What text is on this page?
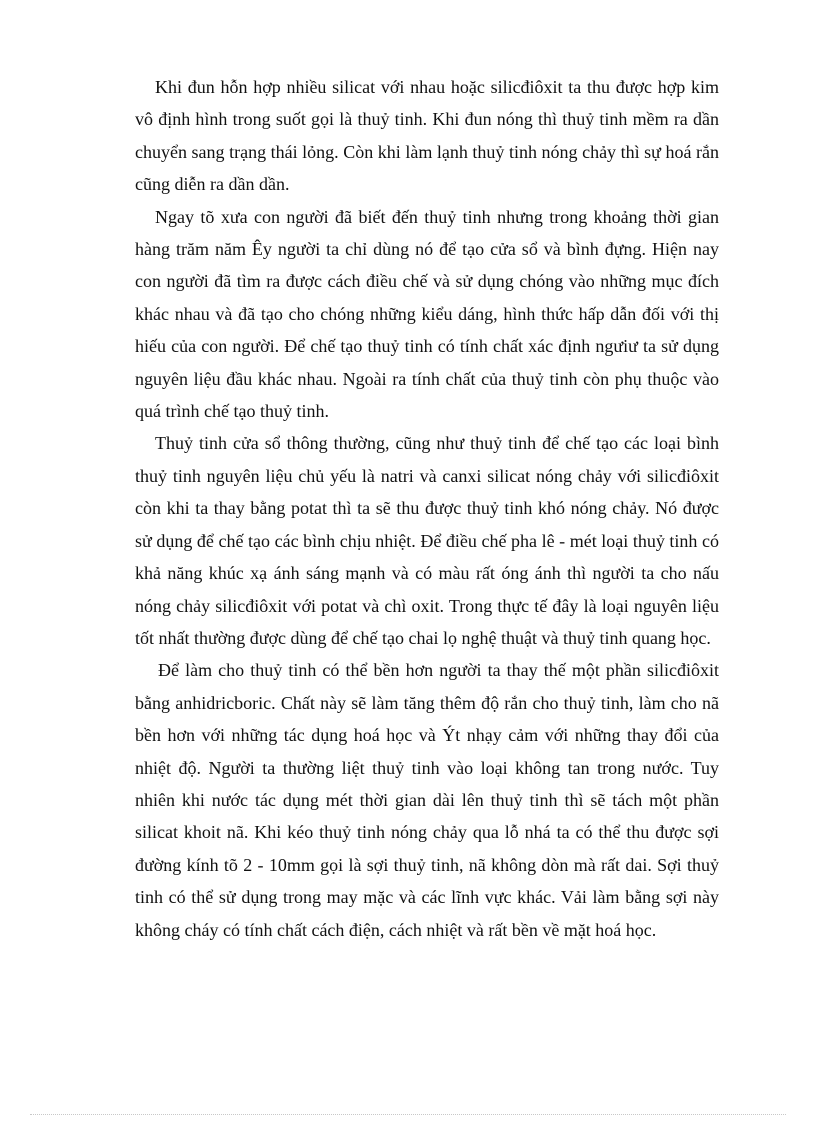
Khi đun hỗn hợp nhiều silicat với nhau hoặc silicđiôxit ta thu được hợp kim vô định hình trong suốt gọi là thuỷ tinh. Khi đun nóng thì thuỷ tinh mềm ra dần chuyển sang trạng thái lỏng. Còn khi làm lạnh thuỷ tinh nóng chảy thì sự hoá rắn cũng diễn ra dần dần.

Ngay tõ xưa con người đã biết đến thuỷ tinh nhưng trong khoảng thời gian hàng trăm năm Êy người ta chỉ dùng nó để tạo cửa sổ và bình đựng. Hiện nay con người đã tìm ra được cách điều chế và sử dụng chóng vào những mục đích khác nhau và đã tạo cho chóng những kiểu dáng, hình thức hấp dẫn đối với thị hiếu của con người. Để chế tạo thuỷ tinh có tính chất xác định ngưiư ta sử dụng nguyên liệu đầu khác nhau. Ngoài ra tính chất của thuỷ tinh còn phụ thuộc vào quá trình chế tạo thuỷ tinh.

Thuỷ tinh cửa sổ thông thường, cũng như thuỷ tinh để chế tạo các loại bình thuỷ tinh nguyên liệu chủ yếu là natri và canxi silicat nóng chảy với silicđiôxit còn khi ta thay bằng potat thì ta sẽ thu được thuỷ tinh khó nóng chảy. Nó được sử dụng để chế tạo các bình chịu nhiệt. Để điều chế pha lê - mét loại thuỷ tinh có khả năng khúc xạ ánh sáng mạnh và có màu rất óng ánh thì người ta cho nấu nóng chảy silicđiôxit với potat và chì oxit. Trong thực tế đây là loại nguyên liệu tốt nhất thường được dùng để chế tạo chai lọ nghệ thuật và thuỷ tinh quang học.

Để làm cho thuỷ tinh có thể bền hơn người ta thay thế một phần silicđiôxit bằng anhidricboric. Chất này sẽ làm tăng thêm độ rắn cho thuỷ tinh, làm cho nã bền hơn với những tác dụng hoá học và Ýt nhạy cảm với những thay đổi của nhiệt độ. Người ta thường liệt thuỷ tinh vào loại không tan trong nước. Tuy nhiên khi nước tác dụng mét thời gian dài lên thuỷ tinh thì sẽ tách một phần silicat khoit nã. Khi kéo thuỷ tinh nóng chảy qua lỗ nhá ta có thể thu được sợi đường kính tõ 2 - 10mm gọi là sợi thuỷ tinh, nã không dòn mà rất dai. Sợi thuỷ tinh có thể sử dụng trong may mặc và các lĩnh vực khác. Vải làm bằng sợi này không cháy có tính chất cách điện, cách nhiệt và rất bền về mặt hoá học.
